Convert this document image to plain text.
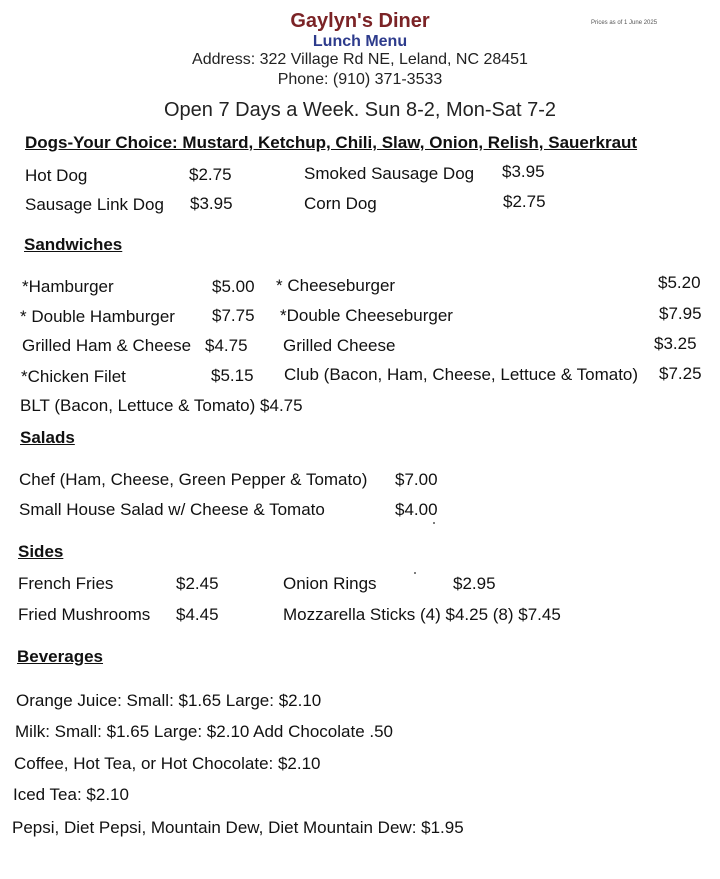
Gaylyn's Diner
Lunch Menu
Address: 322 Village Rd NE, Leland, NC 28451
Phone: (910) 371-3533
Prices as of 1 June 2025
Open 7 Days a Week. Sun 8-2, Mon-Sat 7-2
Dogs-Your Choice: Mustard, Ketchup, Chili, Slaw, Onion, Relish, Sauerkraut
Hot Dog	$2.75	Smoked Sausage Dog $3.95
Sausage Link Dog $3.95	Corn Dog	$2.75
Sandwiches
*Hamburger	$5.00 * Cheeseburger	$5.20
* Double Hamburger $7.75 *Double Cheeseburger	$7.95
Grilled Ham & Cheese $4.75 Grilled Cheese	$3.25
*Chicken Filet	$5.15 Club (Bacon, Ham, Cheese, Lettuce & Tomato) $7.25
BLT (Bacon, Lettuce & Tomato) $4.75
Salads
Chef (Ham, Cheese, Green Pepper & Tomato) $7.00
Small House Salad w/ Cheese & Tomato	$4.00
Sides
French Fries	$2.45	Onion Rings	$2.95
Fried Mushrooms $4.45	Mozzarella Sticks (4) $4.25 (8) $7.45
Beverages
Orange Juice: Small: $1.65 Large: $2.10
Milk: Small: $1.65 Large: $2.10 Add Chocolate .50
Coffee, Hot Tea, or Hot Chocolate: $2.10
Iced Tea: $2.10
Pepsi, Diet Pepsi, Mountain Dew, Diet Mountain Dew: $1.95
